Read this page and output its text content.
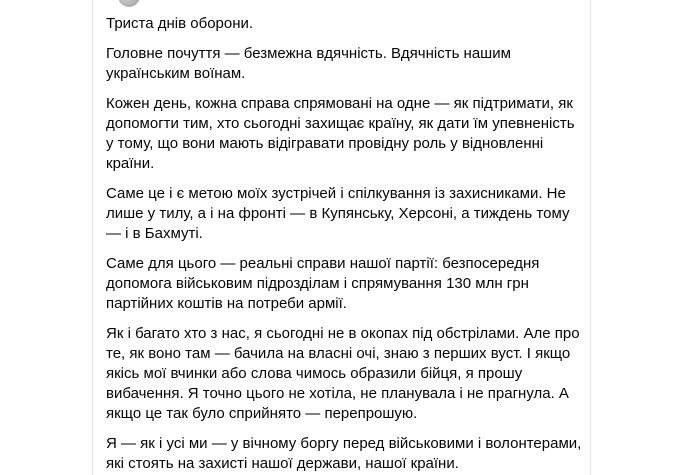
Триста днів оборони.

Головне почуття — безмежна вдячність. Вдячність нашим українським воїнам.

Кожен день, кожна справа спрямовані на одне — як підтримати, як допомогти тим, хто сьогодні захищає країну, як дати їм упевненість у тому, що вони мають відігравати провідну роль у відновленні країни.

Саме це і є метою моїх зустрічей і спілкування із захисниками. Не лише у тилу, а і на фронті — в Купянську, Херсоні, а тиждень тому — і в Бахмуті.

Саме для цього — реальні справи нашої партії: безпосередня допомога військовим підрозділам і спрямування 130 млн грн партійних коштів на потреби армії.

Як і багато хто з нас, я сьогодні не в окопах під обстрілами. Але про те, як воно там — бачила на власні очі, знаю з перших вуст. І якщо якісь мої вчинки або слова чимось образили бійця, я прошу вибачення. Я точно цього не хотіла, не планувала і не прагнула. А якщо це так було сприйнято — перепрошую.

Я — як і усі ми — у вічному боргу перед військовими і волонтерами, які стоять на захисті нашої держави, нашої країни.
